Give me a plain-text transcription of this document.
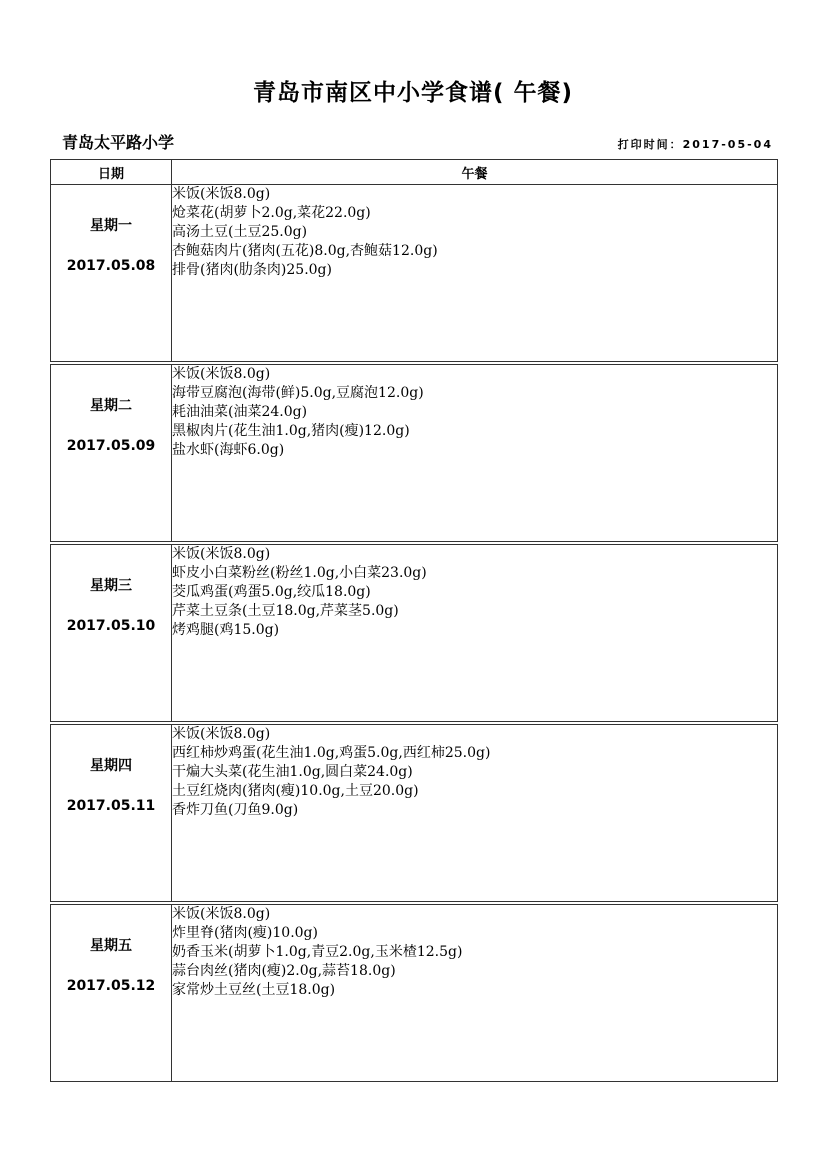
青岛市南区中小学食谱( 午餐)
青岛太平路小学	打印时间：2017-05-04
日期	午餐

星期一
2017.05.08	米饭(米饭8.0g)
炝菜花(胡萝卜2.0g,菜花22.0g)
高汤土豆(土豆25.0g)
杏鲍菇肉片(猪肉(五花)8.0g,杏鲍菇12.0g)
排骨(猪肉(肋条肉)25.0g)

星期二
2017.05.09	米饭(米饭8.0g)
海带豆腐泡(海带(鲜)5.0g,豆腐泡12.0g)
耗油油菜(油菜24.0g)
黑椒肉片(花生油1.0g,猪肉(瘦)12.0g)
盐水虾(海虾6.0g)

星期三
2017.05.10	米饭(米饭8.0g)
虾皮小白菜粉丝(粉丝1.0g,小白菜23.0g)
茭瓜鸡蛋(鸡蛋5.0g,绞瓜18.0g)
芹菜土豆条(土豆18.0g,芹菜茎5.0g)
烤鸡腿(鸡15.0g)

星期四
2017.05.11	米饭(米饭8.0g)
西红柿炒鸡蛋(花生油1.0g,鸡蛋5.0g,西红柿25.0g)
干煸大头菜(花生油1.0g,圆白菜24.0g)
土豆红烧肉(猪肉(瘦)10.0g,土豆20.0g)
香炸刀鱼(刀鱼9.0g)

星期五
2017.05.12	米饭(米饭8.0g)
炸里脊(猪肉(瘦)10.0g)
奶香玉米(胡萝卜1.0g,青豆2.0g,玉米楂12.5g)
蒜台肉丝(猪肉(瘦)2.0g,蒜苔18.0g)
家常炒土豆丝(土豆18.0g)
